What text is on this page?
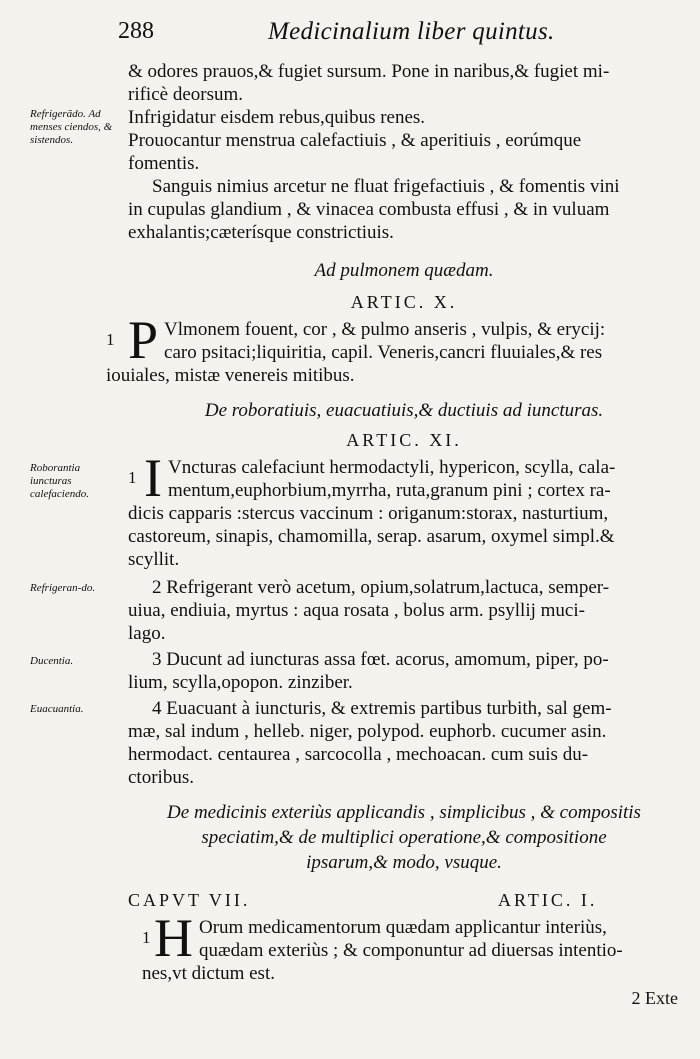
288	Medicinalium liber quintus.
Refrigerãdo. Ad menses ciendos, & sistendos.
Roborantia iuncturas calefaciendo.
Refrigeran-do.
Ducentia.
Euacuantia.
& odores prauos,& fugiet sursum. Pone in naribus,& fugiet mi-
rificè deorsum.
Infrigidatur eisdem rebus,quibus renes.
Prouocantur menstrua calefactiuis , & aperitiuis , eorúmque
fomentis.
Sanguis nimius arcetur ne fluat frigefactiuis , & fomentis vini
in cupulas glandium , & vinacea combusta effusi , & in vuluam
exhalantis;cæterísque constrictiuis.
Ad pulmonem quædam.
ARTIC. X.
1 P Vlmonem fouent, cor , & pulmo anseris , vulpis, & erycij:
caro psitaci;liquiritia, capil. Veneris,cancri fluuiales,& res
iouiales, mistæ venereis mitibus.
De roboratiuis, euacuatiuis,& ductiuis ad iuncturas.
ARTIC. XI.
1 I Vncturas calefaciunt hermodactyli, hypericon, scylla, cala-
mentum,euphorbium,myrrha, ruta,granum pini ; cortex ra-
dicis capparis :stercus vaccinum : origanum:storax, nasturtium,
castoreum, sinapis, chamomilla, serap. asarum, oxymel simpl.&
scyllit.
2 Refrigerant verò acetum, opium,solatrum,lactuca, semper-
uiua, endiuia, myrtus : aqua rosata , bolus arm. psyllij muci-
lago.
3 Ducunt ad iuncturas assa fœt. acorus, amomum, piper, po-
lium, scylla,opopon. zinziber.
4 Euacuant à iuncturis, & extremis partibus turbith, sal gem-
mæ, sal indum , helleb. niger, polypod. euphorb. cucumer asin.
hermodact. centaurea , sarcocolla , mechoacan. cum suis du-
ctoribus.
De medicinis exteriùs applicandis , simplicibus , & compositis
speciatim,& de multiplici operatione,& compositione
ipsarum,& modo, vsuque.
CAPVT VII.	ARTIC. I.
1 H Orum medicamentorum quædam applicantur interiùs,
quædam exteriùs ; & componuntur ad diuersas intentio-
nes,vt dictum est.
2 Exte
